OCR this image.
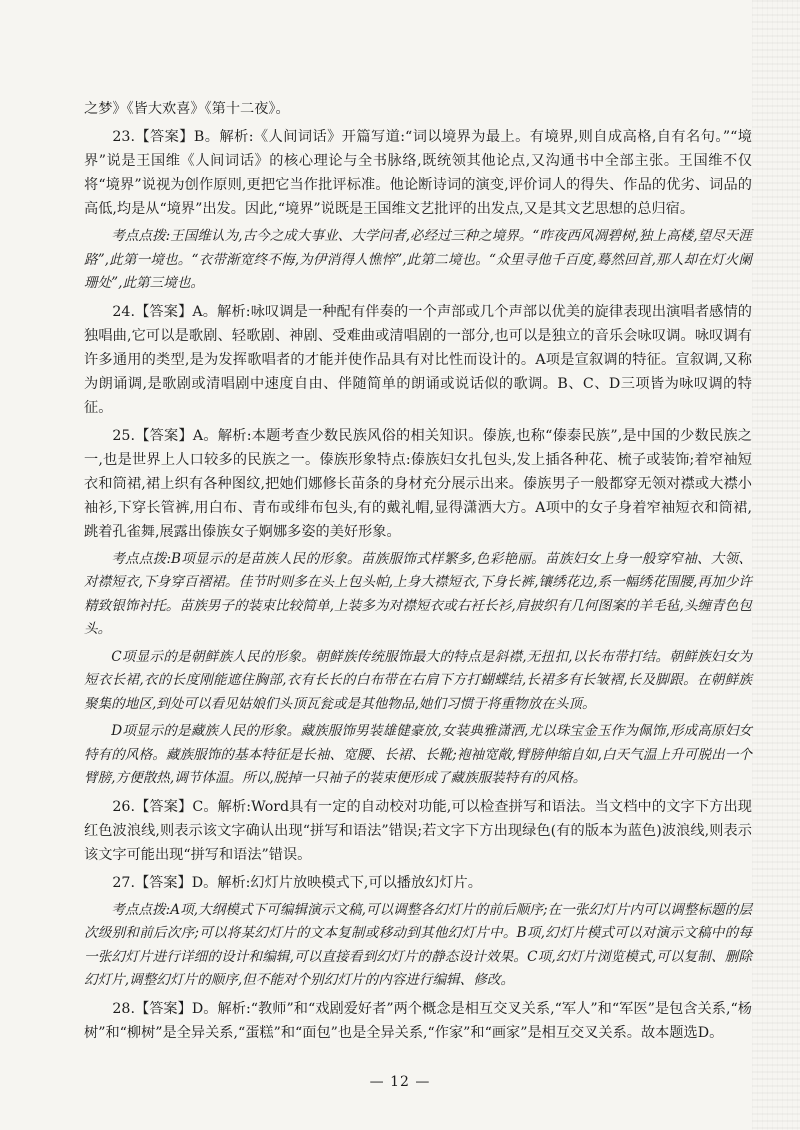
之梦》《皆大欢喜》《第十二夜》。

23.【答案】B。解析:《人间词话》开篇写道:“词以境界为最上。有境界,则自成高格,自有名句。”“境界”说是王国维《人间词话》的核心理论与全书脉络,既统领其他论点,又沟通书中全部主张。王国维不仅将“境界”说视为创作原则,更把它当作批评标准。他论断诗词的演变,评价词人的得失、作品的优劣、词品的高低,均是从“境界”出发。因此,“境界”说既是王国维文艺批评的出发点,又是其文艺思想的总归宿。

考点点拨:王国维认为,古今之成大事业、大学问者,必经过三种之境界。“昨夜西风凋碧树,独上高楼,望尽天涯路”,此第一境也。“衣带渐宽终不悔,为伊消得人憔悴”,此第二境也。“众里寻他千百度,蓦然回首,那人却在灯火阑珊处”,此第三境也。

24.【答案】A。解析:咏叹调是一种配有伴奏的一个声部或几个声部以优美的旋律表现出演唱者感情的独唱曲,它可以是歌剧、轻歌剧、神剧、受难曲或清唱剧的一部分,也可以是独立的音乐会咏叹调。咏叹调有许多通用的类型,是为发挥歌唱者的才能并使作品具有对比性而设计的。A项是宣叙调的特征。宣叙调,又称为朗诵调,是歌剧或清唱剧中速度自由、伴随简单的朗诵或说话似的歌调。B、C、D三项皆为咏叹调的特征。

25.【答案】A。解析:本题考查少数民族风俗的相关知识。傣族,也称“傣泰民族”,是中国的少数民族之一,也是世界上人口较多的民族之一。傣族形象特点:傣族妇女扎包头,发上插各种花、梳子或装饰;着窄袖短衣和筒裙,裙上织有各种图纹,把她们娜修长苗条的身材充分展示出来。傣族男子一般都穿无领对襟或大襟小袖衫,下穿长管裤,用白布、青布或绯布包头,有的戴礼帽,显得潇洒大方。A项中的女子身着窄袖短衣和筒裙,跳着孔雀舞,展露出傣族女子婀娜多姿的美好形象。

考点点拨:B项显示的是苗族人民的形象。苗族服饰式样繁多,色彩艳丽。苗族妇女上身一般穿窄袖、大领、对襟短衣,下身穿百褶裙。佳节时则多在头上包头帕,上身大襟短衣,下身长裤,镶绣花边,系一幅绣花围腰,再加少许精致银饰衬托。苗族男子的装束比较简单,上装多为对襟短衣或右衽长衫,肩披织有几何图案的羊毛毡,头缠青色包头。

C项显示的是朝鲜族人民的形象。朝鲜族传统服饰最大的特点是斜襟,无扭扣,以长布带打结。朝鲜族妇女为短衣长裙,衣的长度刚能遮住胸部,衣有长长的白布带在右肩下方打蝴蝶结,长裙多有长皱褶,长及脚跟。在朝鲜族聚集的地区,到处可以看见姑娘们头顶瓦瓮或是其他物品,她们习惯于将重物放在头顶。

D项显示的是藏族人民的形象。藏族服饰男装雄健豪放,女装典雅潇洒,尤以珠宝金玉作为佩饰,形成高原妇女特有的风格。藏族服饰的基本特征是长袖、宽腰、长裙、长靴;袍袖宽敞,臂膀伸缩自如,白天气温上升可脱出一个臂膀,方便散热,调节体温。所以,脱掉一只袖子的装束便形成了藏族服装特有的风格。

26.【答案】C。解析:Word具有一定的自动校对功能,可以检查拼写和语法。当文档中的文字下方出现红色波浪线,则表示该文字确认出现“拼写和语法”错误;若文字下方出现绿色(有的版本为蓝色)波浪线,则表示该文字可能出现“拼写和语法”错误。

27.【答案】D。解析:幻灯片放映模式下,可以播放幻灯片。

考点点拨:A项,大纲模式下可编辑演示文稿,可以调整各幻灯片的前后顺序;在一张幻灯片内可以调整标题的层次级别和前后次序;可以将某幻灯片的文本复制或移动到其他幻灯片中。B项,幻灯片模式可以对演示文稿中的每一张幻灯片进行详细的设计和编辑,可以直接看到幻灯片的静态设计效果。C项,幻灯片浏览模式,可以复制、删除幻灯片,调整幻灯片的顺序,但不能对个别幻灯片的内容进行编辑、修改。

28.【答案】D。解析:“教师”和“戏剧爱好者”两个概念是相互交叉关系,“军人”和“军医”是包含关系,“杨树”和“柳树”是全异关系,“蛋糕”和“面包”也是全异关系,“作家”和“画家”是相互交叉关系。故本题选D。

— 12 —
